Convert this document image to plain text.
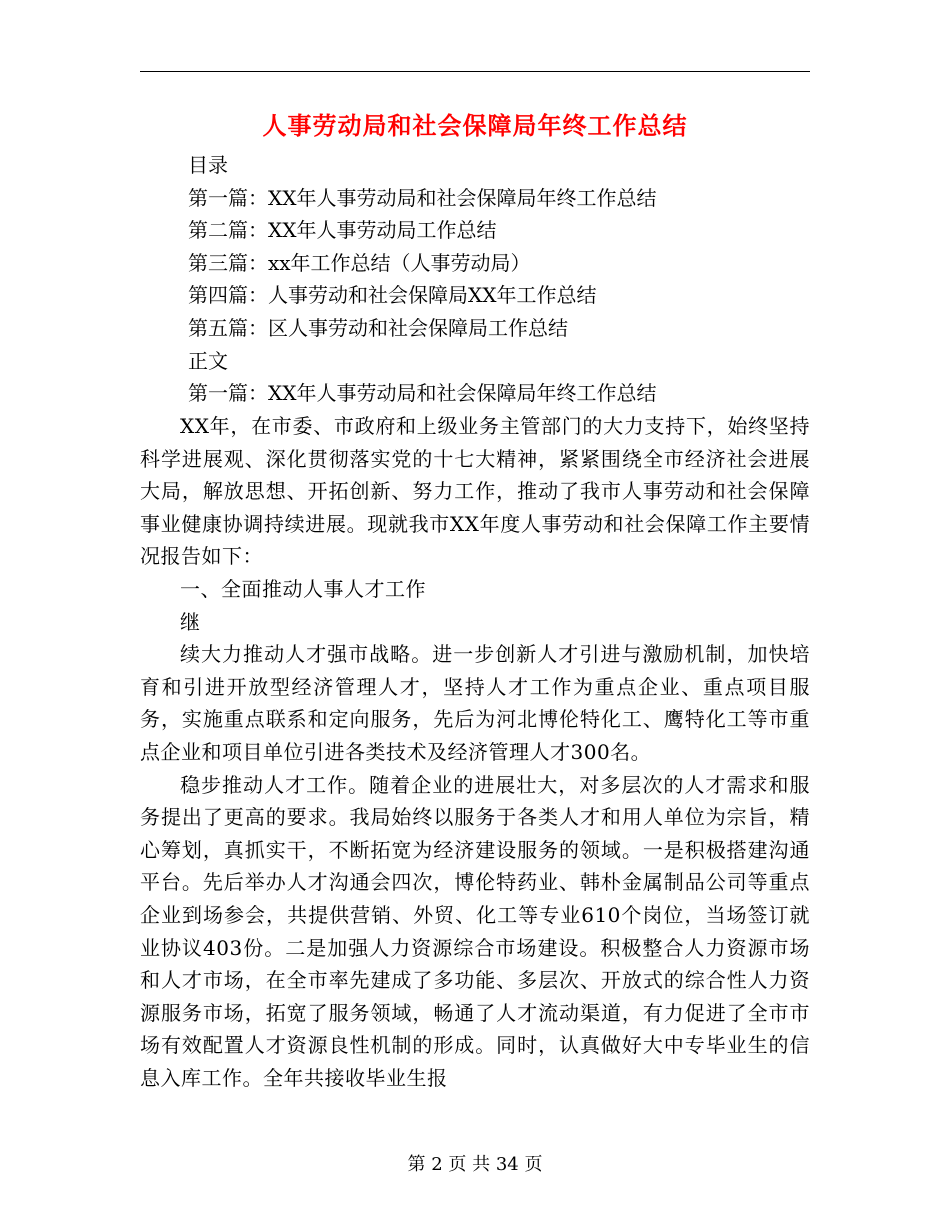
人事劳动局和社会保障局年终工作总结
目录
第一篇：XX年人事劳动局和社会保障局年终工作总结
第二篇：XX年人事劳动局工作总结
第三篇：xx年工作总结（人事劳动局）
第四篇：人事劳动和社会保障局XX年工作总结
第五篇：区人事劳动和社会保障局工作总结
正文
第一篇：XX年人事劳动局和社会保障局年终工作总结

XX年，在市委、市政府和上级业务主管部门的大力支持下，始终坚持科学进展观、深化贯彻落实党的十七大精神，紧紧围绕全市经济社会进展大局，解放思想、开拓创新、努力工作，推动了我市人事劳动和社会保障事业健康协调持续进展。现就我市XX年度人事劳动和社会保障工作主要情况报告如下：

一、全面推动人事人才工作

继

续大力推动人才强市战略。进一步创新人才引进与激励机制，加快培育和引进开放型经济管理人才，坚持人才工作为重点企业、重点项目服务，实施重点联系和定向服务，先后为河北博伦特化工、鹰特化工等市重点企业和项目单位引进各类技术及经济管理人才300名。

稳步推动人才工作。随着企业的进展壮大，对多层次的人才需求和服务提出了更高的要求。我局始终以服务于各类人才和用人单位为宗旨，精心筹划，真抓实干，不断拓宽为经济建设服务的领域。一是积极搭建沟通平台。先后举办人才沟通会四次，博伦特药业、韩朴金属制品公司等重点企业到场参会，共提供营销、外贸、化工等专业610个岗位，当场签订就业协议403份。二是加强人力资源综合市场建设。积极整合人力资源市场和人才市场，在全市率先建成了多功能、多层次、开放式的综合性人力资源服务市场，拓宽了服务领域，畅通了人才流动渠道，有力促进了全市市场有效配置人才资源良性机制的形成。同时，认真做好大中专毕业生的信息入库工作。全年共接收毕业生报

第 2 页 共 34 页
